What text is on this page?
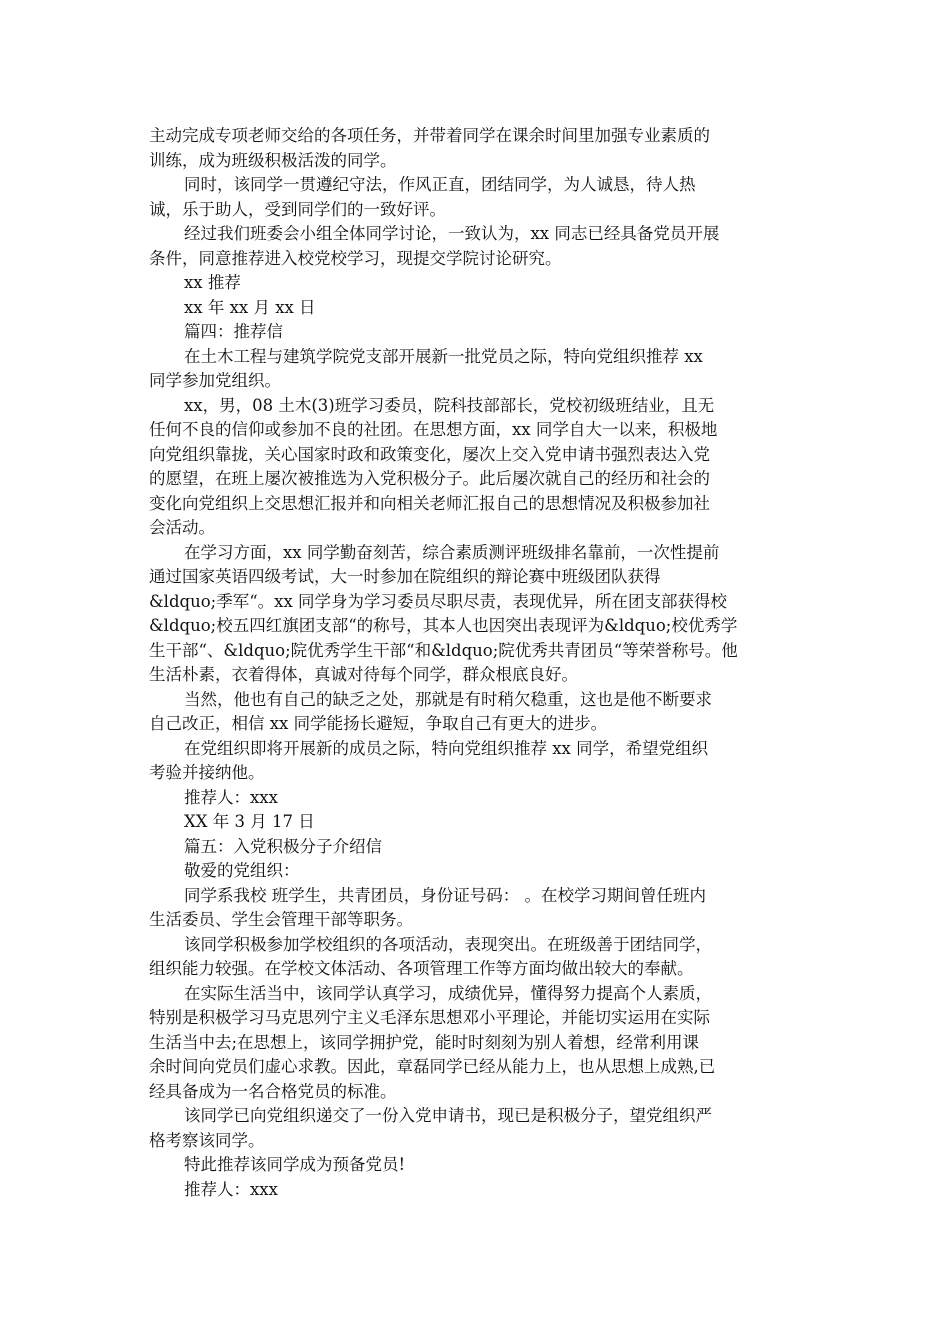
主动完成专项老师交给的各项任务，并带着同学在课余时间里加强专业素质的
训练，成为班级积极活泼的同学。
同时，该同学一贯遵纪守法，作风正直，团结同学，为人诚恳，待人热
诚，乐于助人，受到同学们的一致好评。
经过我们班委会小组全体同学讨论，一致认为，xx 同志已经具备党员开展
条件，同意推荐进入校党校学习，现提交学院讨论研究。
xx 推荐
xx 年 xx 月 xx 日
篇四：推荐信
在土木工程与建筑学院党支部开展新一批党员之际，特向党组织推荐 xx
同学参加党组织。
xx，男，08 土木(3)班学习委员，院科技部部长，党校初级班结业，且无
任何不良的信仰或参加不良的社团。在思想方面，xx 同学自大一以来，积极地
向党组织靠拢，关心国家时政和政策变化，屡次上交入党申请书强烈表达入党
的愿望，在班上屡次被推选为入党积极分子。此后屡次就自己的经历和社会的
变化向党组织上交思想汇报并和向相关老师汇报自己的思想情况及积极参加社
会活动。
在学习方面，xx 同学勤奋刻苦，综合素质测评班级排名靠前，一次性提前
通过国家英语四级考试，大一时参加在院组织的辩论赛中班级团队获得
&ldquo;季军“。xx 同学身为学习委员尽职尽责，表现优异，所在团支部获得校
&ldquo;校五四红旗团支部“的称号，其本人也因突出表现评为&ldquo;校优秀学
生干部“、&ldquo;院优秀学生干部“和&ldquo;院优秀共青团员“等荣誉称号。他
生活朴素，衣着得体，真诚对待每个同学，群众根底良好。
当然，他也有自己的缺乏之处，那就是有时稍欠稳重，这也是他不断要求
自己改正，相信 xx 同学能扬长避短，争取自己有更大的进步。
在党组织即将开展新的成员之际，特向党组织推荐 xx 同学，希望党组织
考验并接纳他。
推荐人：xxx
XX 年 3 月 17 日
篇五：入党积极分子介绍信
敬爱的党组织：
同学系我校 班学生，共青团员，身份证号码： 。在校学习期间曾任班内
生活委员、学生会管理干部等职务。
该同学积极参加学校组织的各项活动，表现突出。在班级善于团结同学，
组织能力较强。在学校文体活动、各项管理工作等方面均做出较大的奉献。
在实际生活当中，该同学认真学习，成绩优异，懂得努力提高个人素质，
特别是积极学习马克思列宁主义毛泽东思想邓小平理论，并能切实运用在实际
生活当中去;在思想上，该同学拥护党，能时时刻刻为别人着想，经常利用课
余时间向党员们虚心求教。因此，章磊同学已经从能力上，也从思想上成熟,已
经具备成为一名合格党员的标准。
该同学已向党组织递交了一份入党申请书，现已是积极分子，望党组织严
格考察该同学。
特此推荐该同学成为预备党员!
推荐人：xxx
